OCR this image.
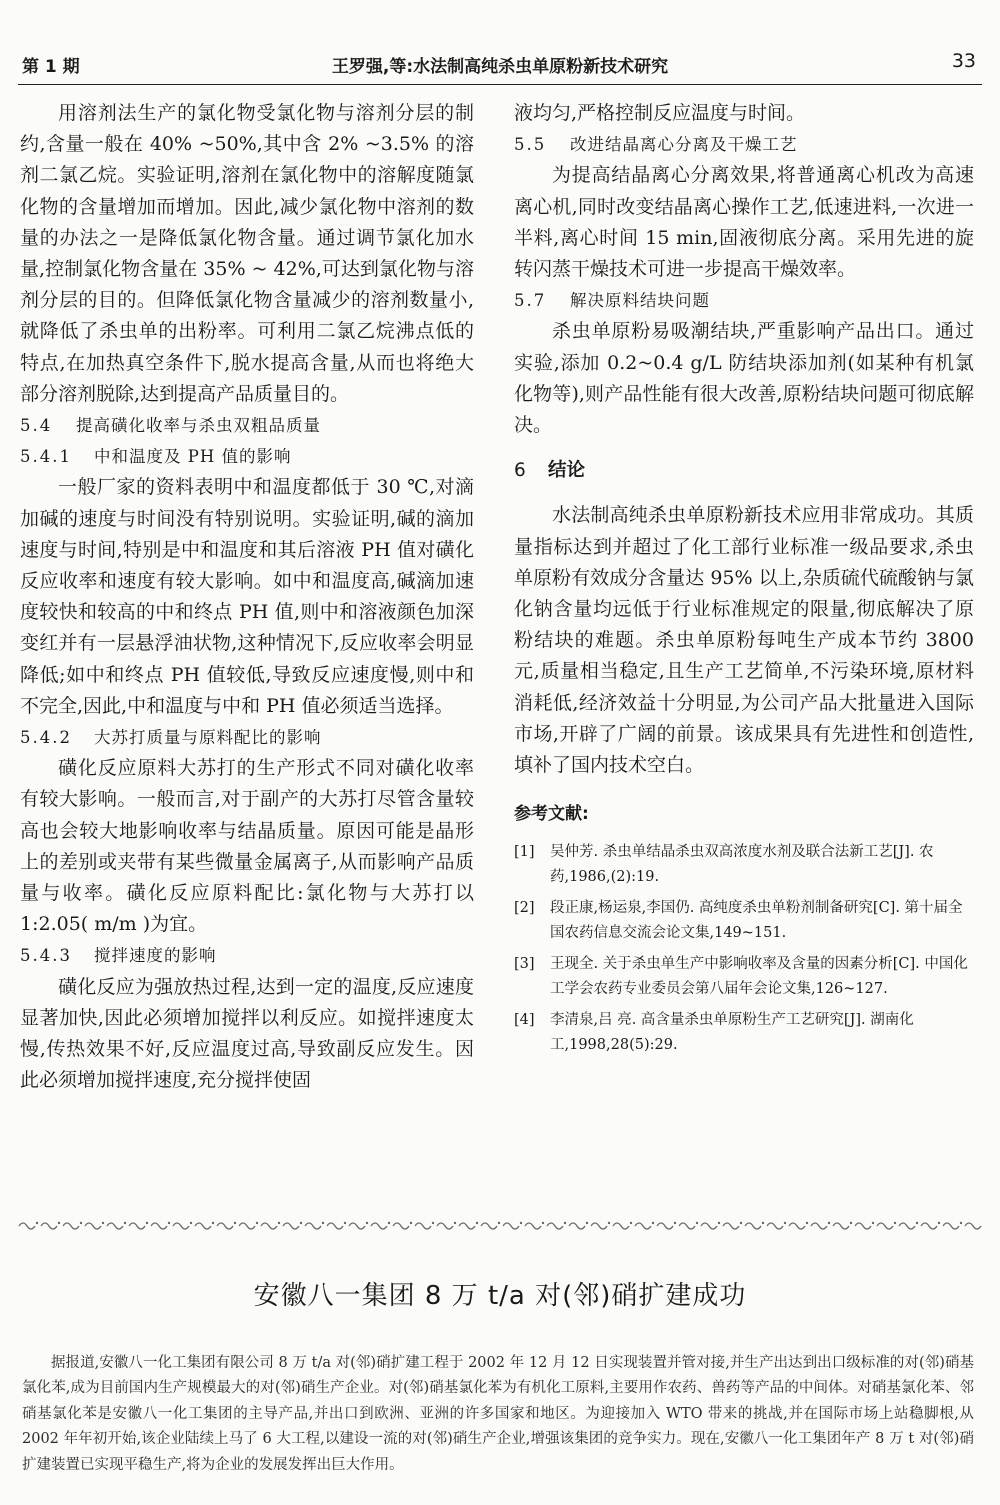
第 1 期	王罗强,等:水法制高纯杀虫单原粉新技术研究	33

用溶剂法生产的氯化物受氯化物与溶剂分层的制约,含量一般在 40% ~50%,其中含 2% ~3.5% 的溶剂二氯乙烷。实验证明,溶剂在氯化物中的溶解度随氯化物的含量增加而增加。因此,减少氯化物中溶剂的数量的办法之一是降低氯化物含量。通过调节氯化加水量,控制氯化物含量在 35% ~ 42%,可达到氯化物与溶剂分层的目的。但降低氯化物含量减少的溶剂数量小,就降低了杀虫单的出粉率。可利用二氯乙烷沸点低的特点,在加热真空条件下,脱水提高含量,从而也将绝大部分溶剂脱除,达到提高产品质量目的。

5.4 提高磺化收率与杀虫双粗品质量
5.4.1 中和温度及 PH 值的影响

一般厂家的资料表明中和温度都低于 30 ℃,对滴加碱的速度与时间没有特别说明。实验证明,碱的滴加速度与时间,特别是中和温度和其后溶液 PH 值对磺化反应收率和速度有较大影响。如中和温度高,碱滴加速度较快和较高的中和终点 PH 值,则中和溶液颜色加深变红并有一层悬浮油状物,这种情况下,反应收率会明显降低;如中和终点 PH 值较低,导致反应速度慢,则中和不完全,因此,中和温度与中和 PH 值必须适当选择。

5.4.2 大苏打质量与原料配比的影响

磺化反应原料大苏打的生产形式不同对磺化收率有较大影响。一般而言,对于副产的大苏打尽管含量较高也会较大地影响收率与结晶质量。原因可能是晶形上的差别或夹带有某些微量金属离子,从而影响产品质量与收率。磺化反应原料配比:氯化物与大苏打以 1:2.05( m/m )为宜。

5.4.3 搅拌速度的影响

磺化反应为强放热过程,达到一定的温度,反应速度显著加快,因此必须增加搅拌以利反应。如搅拌速度太慢,传热效果不好,反应温度过高,导致副反应发生。因此必须增加搅拌速度,充分搅拌使固

液均匀,严格控制反应温度与时间。

5.5 改进结晶离心分离及干燥工艺

为提高结晶离心分离效果,将普通离心机改为高速离心机,同时改变结晶离心操作工艺,低速进料,一次进一半料,离心时间 15 min,固液彻底分离。采用先进的旋转闪蒸干燥技术可进一步提高干燥效率。

5.7 解决原料结块问题

杀虫单原粉易吸潮结块,严重影响产品出口。通过实验,添加 0.2~0.4 g/L 防结块添加剂(如某种有机氯化物等),则产品性能有很大改善,原粉结块问题可彻底解决。

6 结论

水法制高纯杀虫单原粉新技术应用非常成功。其质量指标达到并超过了化工部行业标准一级品要求,杀虫单原粉有效成分含量达 95% 以上,杂质硫代硫酸钠与氯化钠含量均远低于行业标准规定的限量,彻底解决了原粉结块的难题。杀虫单原粉每吨生产成本节约 3800 元,质量相当稳定,且生产工艺简单,不污染环境,原材料消耗低,经济效益十分明显,为公司产品大批量进入国际市场,开辟了广阔的前景。该成果具有先进性和创造性,填补了国内技术空白。

参考文献:
[1] 吴仲芳. 杀虫单结晶杀虫双高浓度水剂及联合法新工艺[J]. 农药,1986,(2):19.
[2] 段正康,杨运泉,李国仍. 高纯度杀虫单粉剂制备研究[C]. 第十届全国农药信息交流会论文集,149~151.
[3] 王现全. 关于杀虫单生产中影响收率及含量的因素分析[C]. 中国化工学会农药专业委员会第八届年会论文集,126~127.
[4] 李清泉,吕 亮. 高含量杀虫单原粉生产工艺研究[J]. 湖南化工,1998,28(5):29.
安徽八一集团 8 万 t/a 对(邻)硝扩建成功

据报道,安徽八一化工集团有限公司 8 万 t/a 对(邻)硝扩建工程于 2002 年 12 月 12 日实现装置并管对接,并生产出达到出口级标准的对(邻)硝基氯化苯,成为目前国内生产规模最大的对(邻)硝生产企业。对(邻)硝基氯化苯为有机化工原料,主要用作农药、兽药等产品的中间体。对硝基氯化苯、邻硝基氯化苯是安徽八一化工集团的主导产品,并出口到欧洲、亚洲的许多国家和地区。为迎接加入 WTO 带来的挑战,并在国际市场上站稳脚根,从 2002 年年初开始,该企业陆续上马了 6 大工程,以建设一流的对(邻)硝生产企业,增强该集团的竞争实力。现在,安徽八一化工集团年产 8 万 t 对(邻)硝扩建装置已实现平稳生产,将为企业的发展发挥出巨大作用。
